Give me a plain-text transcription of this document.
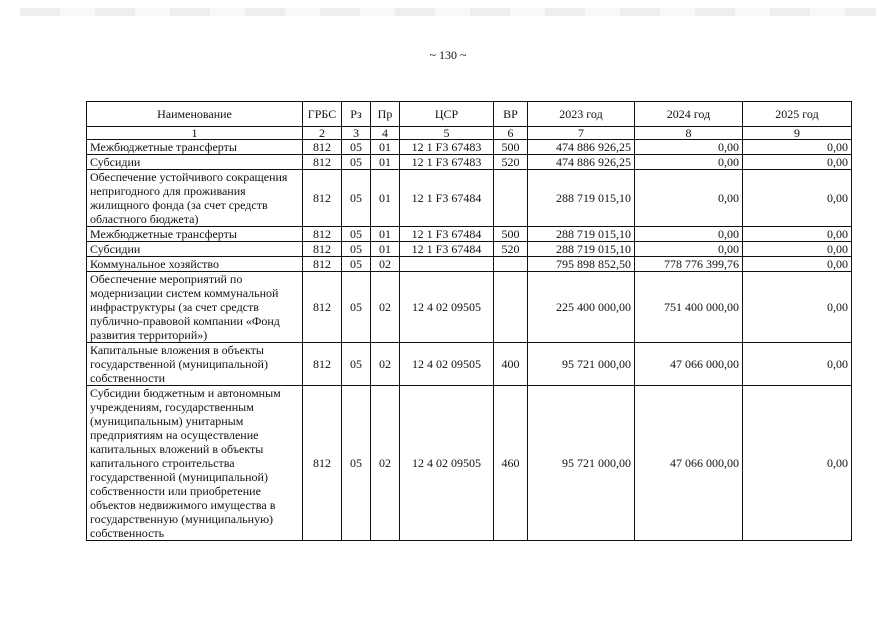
~ 130 ~
Наименование	ГРБС	Рз	Пр	ЦСР	ВР	2023 год	2024 год	2025 год
1	2	3	4	5	6	7	8	9
Межбюджетные трансферты	812	05	01	12 1 F3 67483	500	474 886 926,25	0,00	0,00
Субсидии	812	05	01	12 1 F3 67483	520	474 886 926,25	0,00	0,00
Обеспечение устойчивого сокращения непригодного для проживания жилищного фонда (за счет средств областного бюджета)	812	05	01	12 1 F3 67484		288 719 015,10	0,00	0,00
Межбюджетные трансферты	812	05	01	12 1 F3 67484	500	288 719 015,10	0,00	0,00
Субсидии	812	05	01	12 1 F3 67484	520	288 719 015,10	0,00	0,00
Коммунальное хозяйство	812	05	02			795 898 852,50	778 776 399,76	0,00
Обеспечение мероприятий по модернизации систем коммунальной инфраструктуры (за счет средств публично-правовой компании «Фонд развития территорий»)	812	05	02	12 4 02 09505		225 400 000,00	751 400 000,00	0,00
Капитальные вложения в объекты государственной (муниципальной) собственности	812	05	02	12 4 02 09505	400	95 721 000,00	47 066 000,00	0,00
Субсидии бюджетным и автономным учреждениям, государственным (муниципальным) унитарным предприятиям на осуществление капитальных вложений в объекты капитального строительства государственной (муниципальной) собственности или приобретение объектов недвижимого имущества в государственную (муниципальную) собственность	812	05	02	12 4 02 09505	460	95 721 000,00	47 066 000,00	0,00
